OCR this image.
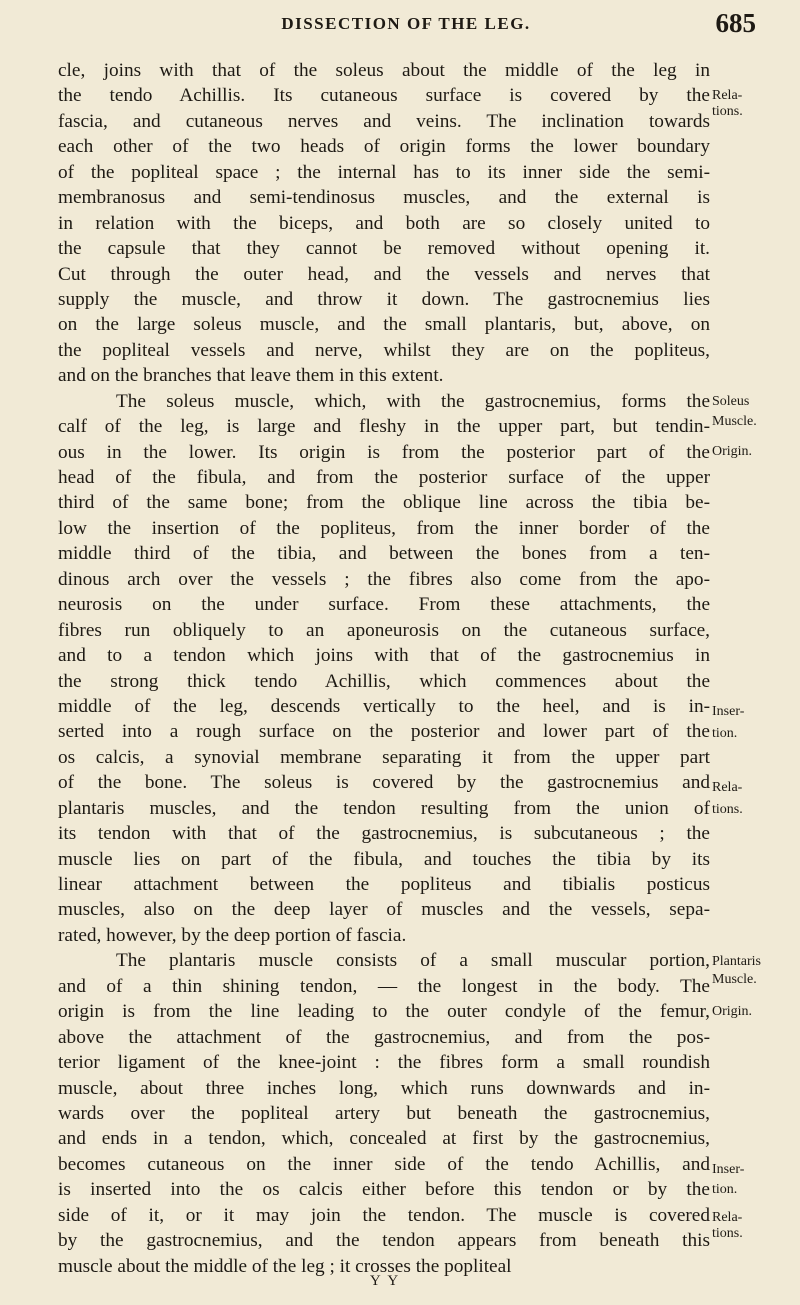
DISSECTION OF THE LEG.	685
cle, joins with that of the soleus about the middle of the leg in
the tendo Achillis. Its cutaneous surface is covered by the
fascia, and cutaneous nerves and veins. The inclination towards
each other of the two heads of origin forms the lower boundary
of the popliteal space ; the internal has to its inner side the semi-
membranosus and semi-tendinosus muscles, and the external is
in relation with the biceps, and both are so closely united to
the capsule that they cannot be removed without opening it.
Cut through the outer head, and the vessels and nerves that
supply the muscle, and throw it down. The gastrocnemius lies
on the large soleus muscle, and the small plantaris, but, above, on
the popliteal vessels and nerve, whilst they are on the popliteus,
and on the branches that leave them in this extent.
The soleus muscle, which, with the gastrocnemius, forms the
calf of the leg, is large and fleshy in the upper part, but tendin-
ous in the lower. Its origin is from the posterior part of the
head of the fibula, and from the posterior surface of the upper
third of the same bone; from the oblique line across the tibia be-
low the insertion of the popliteus, from the inner border of the
middle third of the tibia, and between the bones from a ten-
dinous arch over the vessels ; the fibres also come from the apo-
neurosis on the under surface. From these attachments, the
fibres run obliquely to an aponeurosis on the cutaneous surface,
and to a tendon which joins with that of the gastrocnemius in
the strong thick tendo Achillis, which commences about the
middle of the leg, descends vertically to the heel, and is in-
serted into a rough surface on the posterior and lower part of the
os calcis, a synovial membrane separating it from the upper part
of the bone. The soleus is covered by the gastrocnemius and
plantaris muscles, and the tendon resulting from the union of
its tendon with that of the gastrocnemius, is subcutaneous ; the
muscle lies on part of the fibula, and touches the tibia by its
linear attachment between the popliteus and tibialis posticus
muscles, also on the deep layer of muscles and the vessels, sepa-
rated, however, by the deep portion of fascia.
The plantaris muscle consists of a small muscular portion,
and of a thin shining tendon, — the longest in the body. The
origin is from the line leading to the outer condyle of the femur,
above the attachment of the gastrocnemius, and from the pos-
terior ligament of the knee-joint : the fibres form a small roundish
muscle, about three inches long, which runs downwards and in-
wards over the popliteal artery but beneath the gastrocnemius,
and ends in a tendon, which, concealed at first by the gastrocnemius,
becomes cutaneous on the inner side of the tendo Achillis, and
is inserted into the os calcis either before this tendon or by the
side of it, or it may join the tendon. The muscle is covered
by the gastrocnemius, and the tendon appears from beneath this
muscle about the middle of the leg ; it crosses the popliteal
Rela-
tions.
Soleus
Muscle.
Origin.
Inser-
tion.
Rela-
tions.
Plantaris
Muscle.
Origin.
Inser-
tion.
Rela-
tions.
Y Y
